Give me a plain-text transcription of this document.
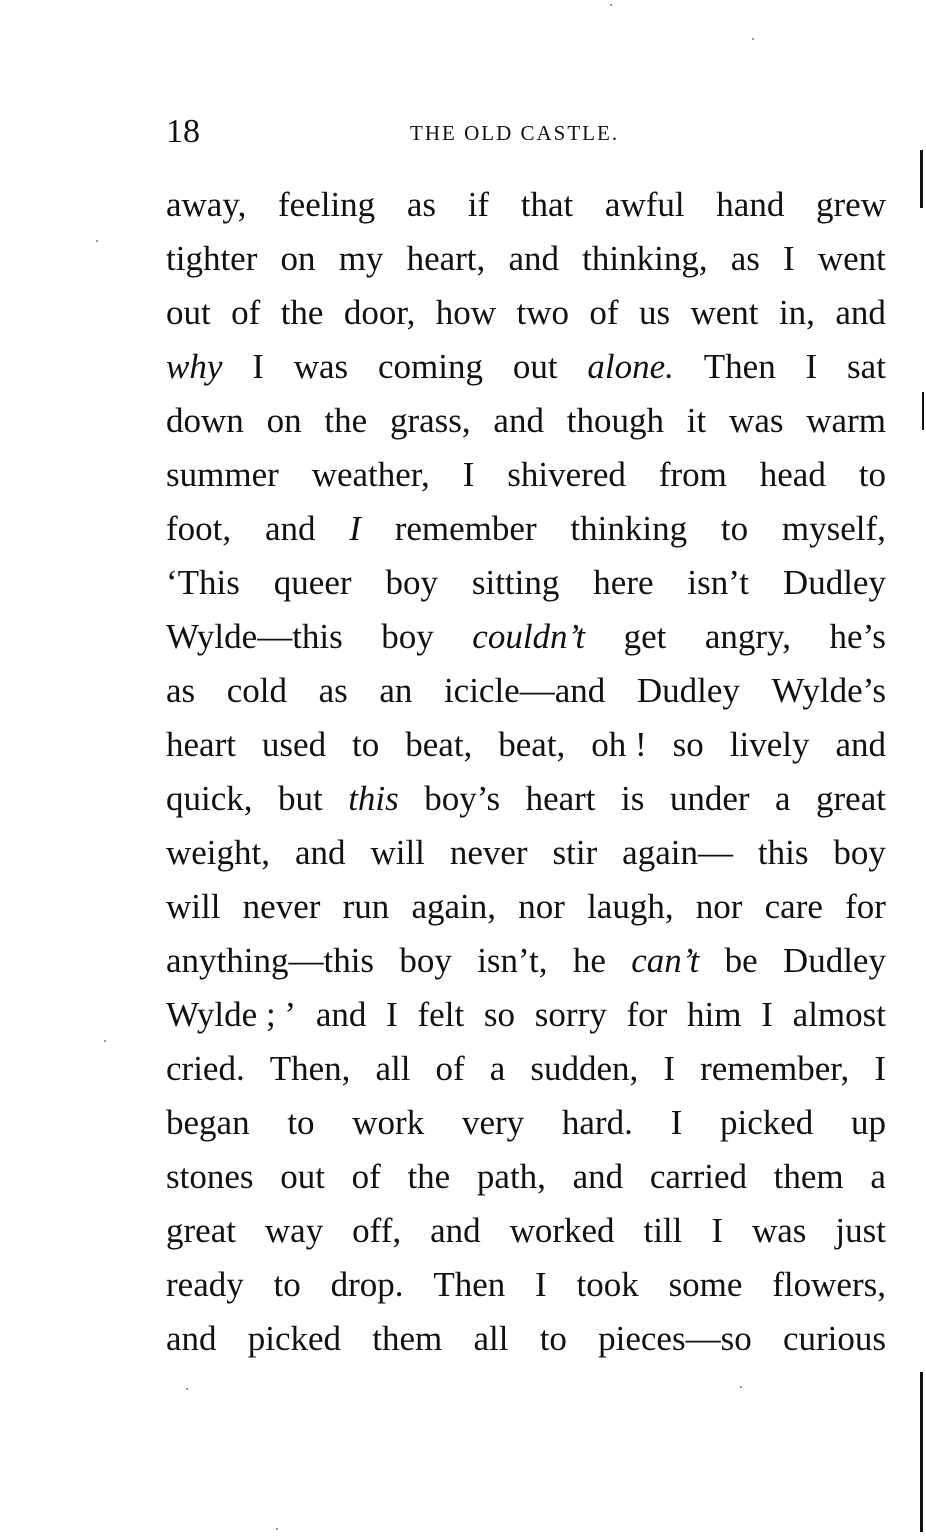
18	THE OLD CASTLE.
away, feeling as if that awful hand grew
tighter on my heart, and thinking, as I went
out of the door, how two of us went in, and
why I was coming out alone. Then I sat
down on the grass, and though it was warm
summer weather, I shivered from head to
foot, and I remember thinking to myself,
‘This queer boy sitting here isn’t Dudley
Wylde—this boy couldn’t get angry, he’s
as cold as an icicle—and Dudley Wylde’s
heart used to beat, beat, oh ! so lively and
quick, but this boy’s heart is under a great
weight, and will never stir again— this boy
will never run again, nor laugh, nor care for
anything—this boy isn’t, he can’t be Dudley
Wylde ; ’ and I felt so sorry for him I almost
cried. Then, all of a sudden, I remember, I
began to work very hard. I picked up
stones out of the path, and carried them a
great way off, and worked till I was just
ready to drop. Then I took some flowers,
and picked them all to pieces—so curious
